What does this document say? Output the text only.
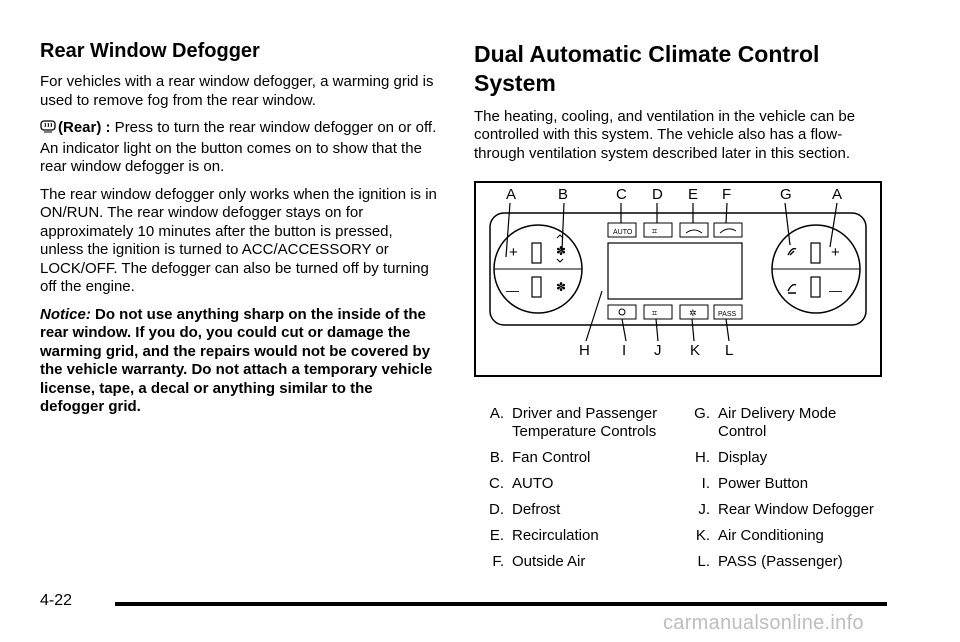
Rear Window Defogger

For vehicles with a rear window defogger, a warming grid is used to remove fog from the rear window.

(Rear) : Press to turn the rear window defogger on or off. An indicator light on the button comes on to show that the rear window defogger is on.

The rear window defogger only works when the ignition is in ON/RUN. The rear window defogger stays on for approximately 10 minutes after the button is pressed, unless the ignition is turned to ACC/ACCESSORY or LOCK/OFF. The defogger can also be turned off by turning off the engine.

Notice: Do not use anything sharp on the inside of the rear window. If you do, you could cut or damage the warming grid, and the repairs would not be covered by the vehicle warranty. Do not attach a temporary vehicle license, tape, a decal or anything similar to the defogger grid.

Dual Automatic Climate Control System

The heating, cooling, and ventilation in the vehicle can be controlled with this system. The vehicle also has a flow-through ventilation system described later in this section.

A	B	C D E F	G	A
H I J K L
+
—
✽
✽
+
—
AUTO ⌗
⌗	✲	PASS
A. Driver and Passenger Temperature Controls
B. Fan Control
C. AUTO
D. Defrost
E. Recirculation
F. Outside Air
G. Air Delivery Mode Control
H. Display
I. Power Button
J. Rear Window Defogger
K. Air Conditioning
L. PASS (Passenger)
4-22
carmanualsonline.info
